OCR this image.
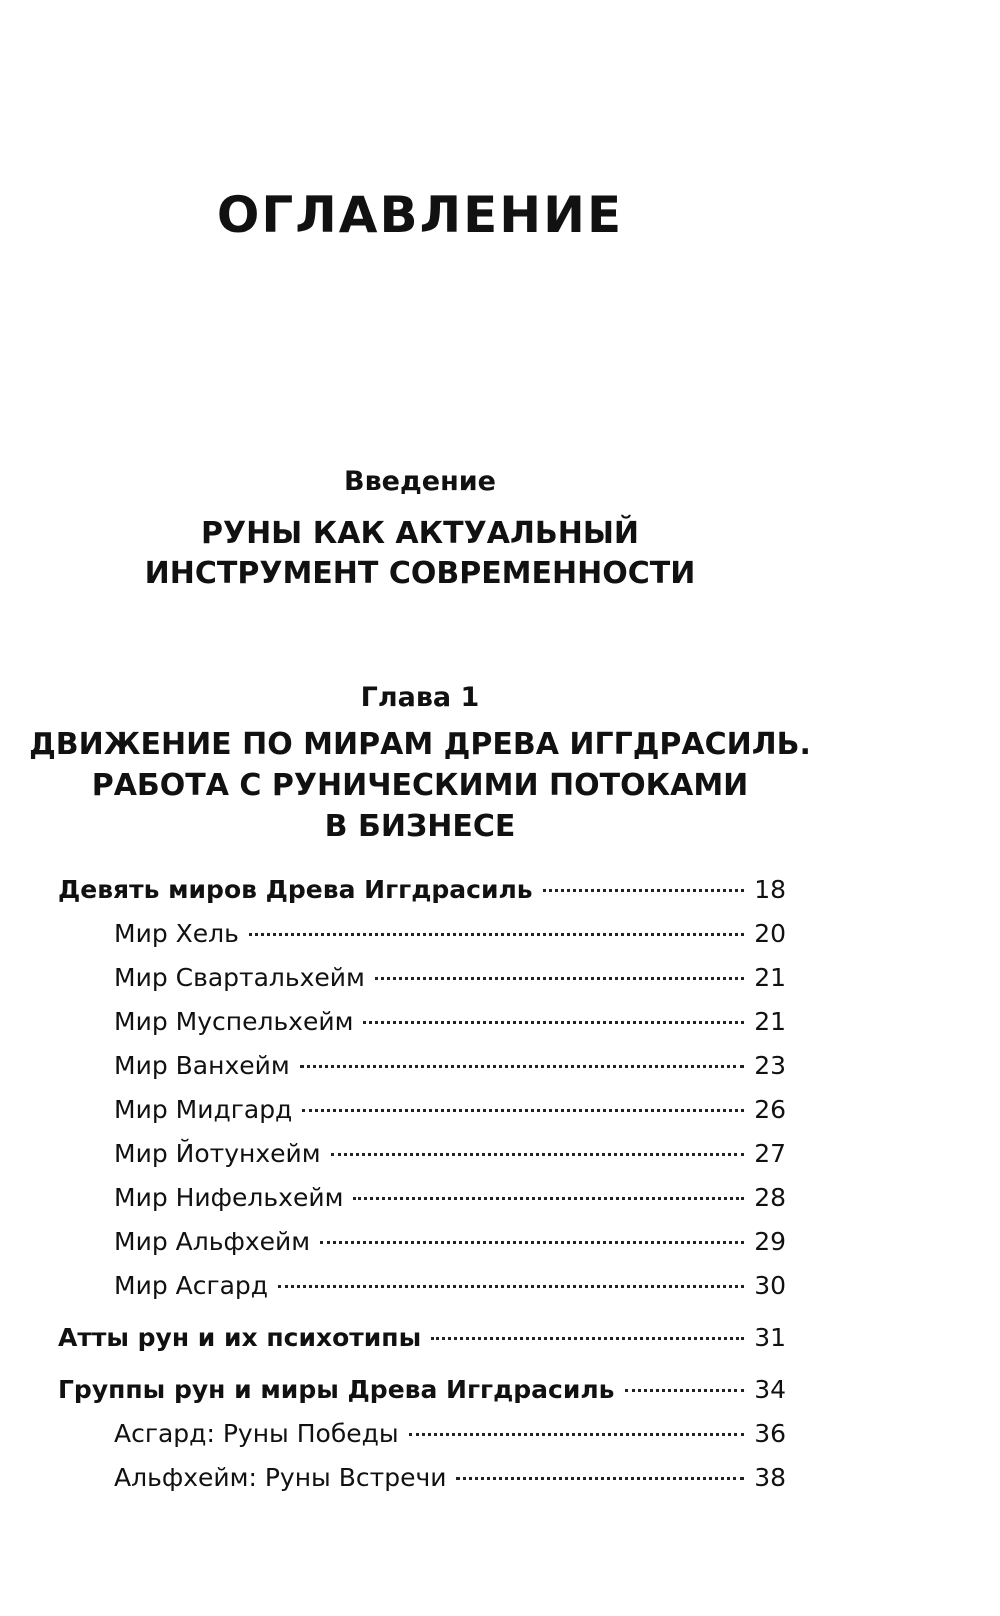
ОГЛАВЛЕНИЕ
Введение
РУНЫ КАК АКТУАЛЬНЫЙ
ИНСТРУМЕНТ СОВРЕМЕННОСТИ
Глава 1
ДВИЖЕНИЕ ПО МИРАМ ДРЕВА ИГГДРАСИЛЬ.
РАБОТА С РУНИЧЕСКИМИ ПОТОКАМИ
В БИЗНЕСЕ
Девять миров Древа Иггдрасиль	18
Мир Хель	20
Мир Свартальхейм	21
Мир Муспельхейм	21
Мир Ванхейм	23
Мир Мидгард	26
Мир Йотунхейм	27
Мир Нифельхейм	28
Мир Альфхейм	29
Мир Асгард	30
Атты рун и их психотипы	31
Группы рун и миры Древа Иггдрасиль	34
Асгард: Руны Победы	36
Альфхейм: Руны Встречи	38
